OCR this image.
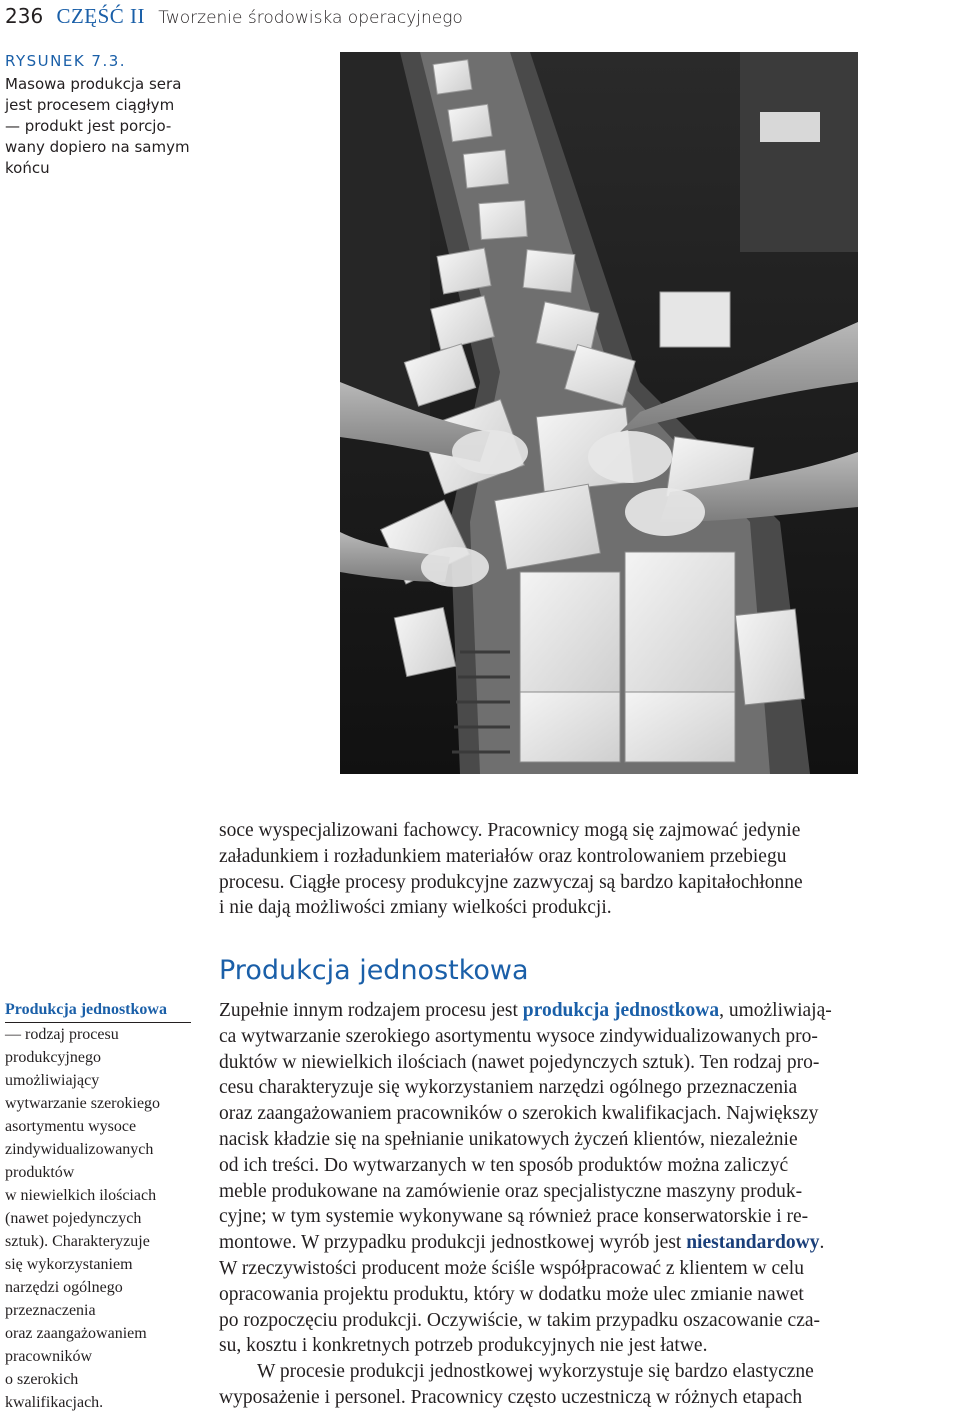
236 CZĘŚĆ II Tworzenie środowiska operacyjnego
RYSUNEK 7.3.
Masowa produkcja sera
jest procesem ciągłym
— produkt jest porcjo-
wany dopiero na samym
końcu
soce wyspecjalizowani fachowcy. Pracownicy mogą się zajmować jedynie
załadunkiem i rozładunkiem materiałów oraz kontrolowaniem przebiegu
procesu. Ciągłe procesy produkcyjne zazwyczaj są bardzo kapitałochłonne
i nie dają możliwości zmiany wielkości produkcji.
Produkcja jednostkowa
Zupełnie innym rodzajem procesu jest produkcja jednostkowa, umożliwiają-
ca wytwarzanie szerokiego asortymentu wysoce zindywidualizowanych pro-
duktów w niewielkich ilościach (nawet pojedynczych sztuk). Ten rodzaj pro-
cesu charakteryzuje się wykorzystaniem narzędzi ogólnego przeznaczenia
oraz zaangażowaniem pracowników o szerokich kwalifikacjach. Największy
nacisk kładzie się na spełnianie unikatowych życzeń klientów, niezależnie
od ich treści. Do wytwarzanych w ten sposób produktów można zaliczyć
meble produkowane na zamówienie oraz specjalistyczne maszyny produk-
cyjne; w tym systemie wykonywane są również prace konserwatorskie i re-
montowe. W przypadku produkcji jednostkowej wyrób jest niestandardowy.
W rzeczywistości producent może ściśle współpracować z klientem w celu
opracowania projektu produktu, który w dodatku może ulec zmianie nawet
po rozpoczęciu produkcji. Oczywiście, w takim przypadku oszacowanie cza-
su, kosztu i konkretnych potrzeb produkcyjnych nie jest łatwe.
W procesie produkcji jednostkowej wykorzystuje się bardzo elastyczne
wyposażenie i personel. Pracownicy często uczestniczą w różnych etapach
Produkcja jednostkowa
— rodzaj procesu
produkcyjnego
umożliwiający
wytwarzanie szerokiego
asortymentu wysoce
zindywidualizowanych
produktów
w niewielkich ilościach
(nawet pojedynczych
sztuk). Charakteryzuje
się wykorzystaniem
narzędzi ogólnego
przeznaczenia
oraz zaangażowaniem
pracowników
o szerokich
kwalifikacjach.
